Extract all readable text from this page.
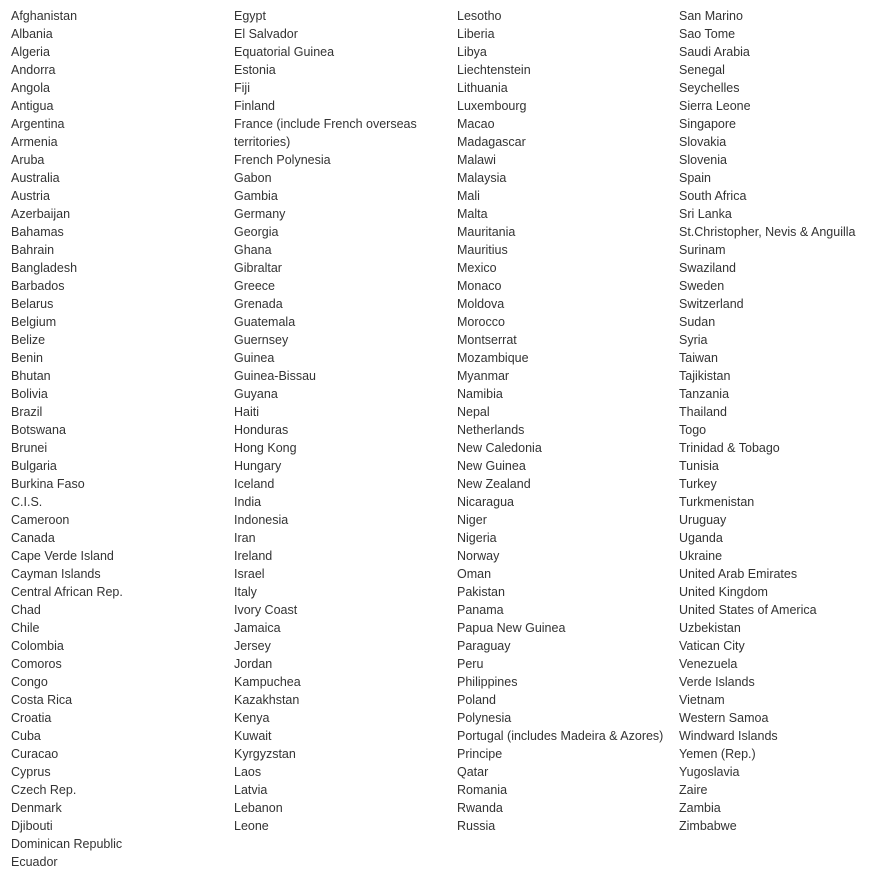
Afghanistan
Albania
Algeria
Andorra
Angola
Antigua
Argentina
Armenia
Aruba
Australia
Austria
Azerbaijan
Bahamas
Bahrain
Bangladesh
Barbados
Belarus
Belgium
Belize
Benin
Bhutan
Bolivia
Brazil
Botswana
Brunei
Bulgaria
Burkina Faso
C.I.S.
Cameroon
Canada
Cape Verde Island
Cayman Islands
Central African Rep.
Chad
Chile
Colombia
Comoros
Congo
Costa Rica
Croatia
Cuba
Curacao
Cyprus
Czech Rep.
Denmark
Djibouti
Dominican Republic
Ecuador
Egypt
El Salvador
Equatorial Guinea
Estonia
Fiji
Finland
France (include French overseas
territories)
French Polynesia
Gabon
Gambia
Germany
Georgia
Ghana
Gibraltar
Greece
Grenada
Guatemala
Guernsey
Guinea
Guinea-Bissau
Guyana
Haiti
Honduras
Hong Kong
Hungary
Iceland
India
Indonesia
Iran
Ireland
Israel
Italy
Ivory Coast
Jamaica
Jersey
Jordan
Kampuchea
Kazakhstan
Kenya
Kuwait
Kyrgyzstan
Laos
Latvia
Lebanon
Leone
Lesotho
Liberia
Libya
Liechtenstein
Lithuania
Luxembourg
Macao
Madagascar
Malawi
Malaysia
Mali
Malta
Mauritania
Mauritius
Mexico
Monaco
Moldova
Morocco
Montserrat
Mozambique
Myanmar
Namibia
Nepal
Netherlands
New Caledonia
New Guinea
New Zealand
Nicaragua
Niger
Nigeria
Norway
Oman
Pakistan
Panama
Papua New Guinea
Paraguay
Peru
Philippines
Poland
Polynesia
Portugal (includes Madeira & Azores)
Principe
Qatar
Romania
Rwanda
Russia
San Marino
Sao Tome
Saudi Arabia
Senegal
Seychelles
Sierra Leone
Singapore
Slovakia
Slovenia
Spain
South Africa
Sri Lanka
St.Christopher, Nevis & Anguilla
Surinam
Swaziland
Sweden
Switzerland
Sudan
Syria
Taiwan
Tajikistan
Tanzania
Thailand
Togo
Trinidad & Tobago
Tunisia
Turkey
Turkmenistan
Uruguay
Uganda
Ukraine
United Arab Emirates
United Kingdom
United States of America
Uzbekistan
Vatican City
Venezuela
Verde Islands
Vietnam
Western Samoa
Windward Islands
Yemen (Rep.)
Yugoslavia
Zaire
Zambia
Zimbabwe
